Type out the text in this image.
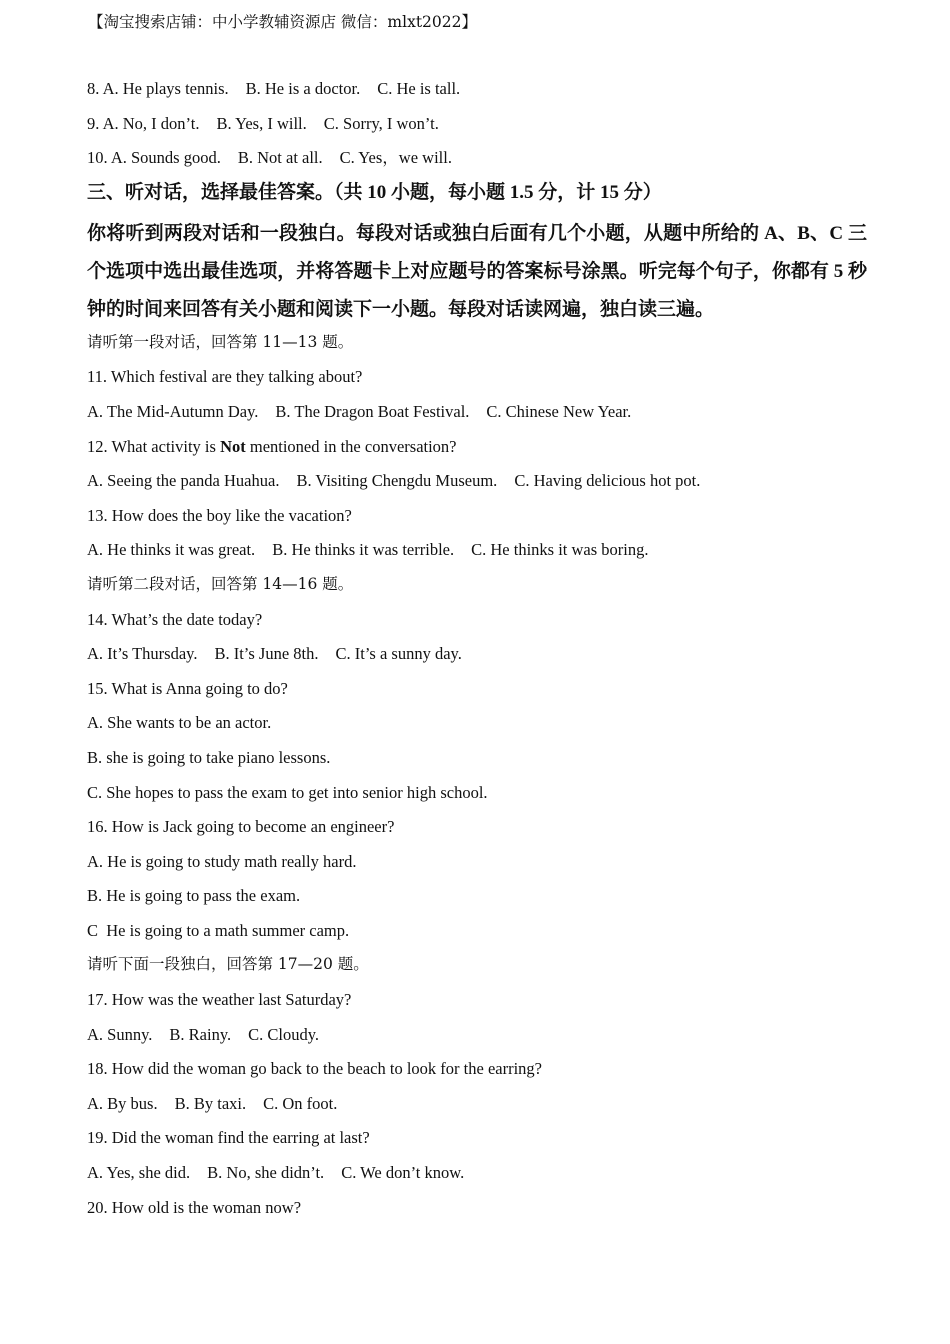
【淘宝搜索店铺：中小学教辅资源店 微信：mlxt2022】
8. A. He plays tennis. B. He is a doctor. C. He is tall.
9. A. No, I don’t. B. Yes, I will. C. Sorry, I won’t.
10. A. Sounds good. B. Not at all. C. Yes，we will.
三、听对话，选择最佳答案。（共 10 小题，每小题 1.5 分，计 15 分）
你将听到两段对话和一段独白。每段对话或独白后面有几个小题，从题中所给的 A、B、C 三个选项中选出最佳选项，并将答题卡上对应题号的答案标号涂黑。听完每个句子，你都有 5 秒钟的时间来回答有关小题和阅读下一小题。每段对话读网遍，独白读三遍。
请听第一段对话，回答第 11—13 题。
11. Which festival are they talking about?
A. The Mid-Autumn Day. B. The Dragon Boat Festival. C. Chinese New Year.
12. What activity is Not mentioned in the conversation?
A. Seeing the panda Huahua. B. Visiting Chengdu Museum. C. Having delicious hot pot.
13. How does the boy like the vacation?
A. He thinks it was great. B. He thinks it was terrible. C. He thinks it was boring.
请听第二段对话，回答第 14—16 题。
14. What’s the date today?
A. It’s Thursday. B. It’s June 8th. C. It’s a sunny day.
15. What is Anna going to do?
A. She wants to be an actor.
B. she is going to take piano lessons.
C. She hopes to pass the exam to get into senior high school.
16. How is Jack going to become an engineer?
A. He is going to study math really hard.
B. He is going to pass the exam.
C  He is going to a math summer camp.
请听下面一段独白，回答第 17—20 题。
17. How was the weather last Saturday?
A. Sunny. B. Rainy. C. Cloudy.
18. How did the woman go back to the beach to look for the earring?
A. By bus. B. By taxi. C. On foot.
19. Did the woman find the earring at last?
A. Yes, she did. B. No, she didn’t. C. We don’t know.
20. How old is the woman now?
